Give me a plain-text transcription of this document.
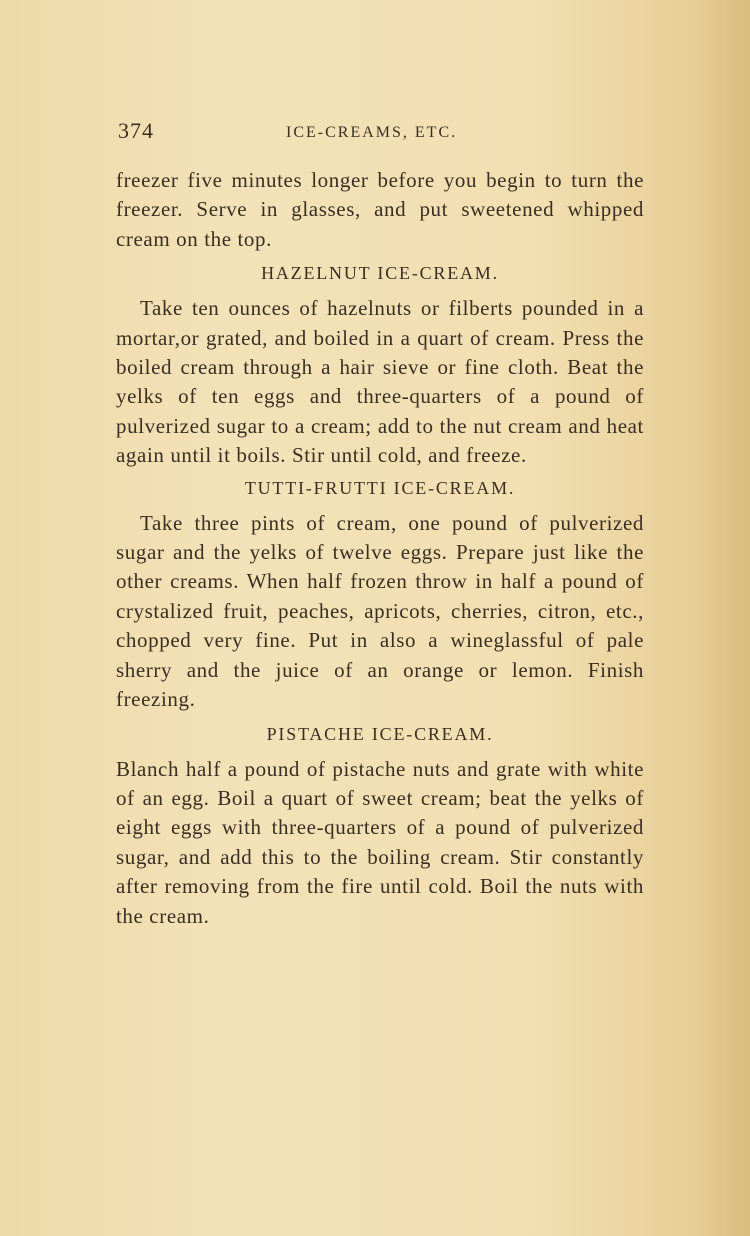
374	ICE-CREAMS, ETC.

freezer five minutes longer before you begin to turn the freezer. Serve in glasses, and put sweetened whipped cream on the top.

HAZELNUT ICE-CREAM.

Take ten ounces of hazelnuts or filberts pounded in a mortar,or grated, and boiled in a quart of cream. Press the boiled cream through a hair sieve or fine cloth. Beat the yelks of ten eggs and three-quarters of a pound of pulverized sugar to a cream; add to the nut cream and heat again until it boils. Stir until cold, and freeze.

TUTTI-FRUTTI ICE-CREAM.

Take three pints of cream, one pound of pulverized sugar and the yelks of twelve eggs. Prepare just like the other creams. When half frozen throw in half a pound of crystalized fruit, peaches, apricots, cherries, citron, etc., chopped very fine. Put in also a wineglassful of pale sherry and the juice of an orange or lemon. Finish freezing.

PISTACHE ICE-CREAM.

Blanch half a pound of pistache nuts and grate with white of an egg. Boil a quart of sweet cream; beat the yelks of eight eggs with three-quarters of a pound of pulverized sugar, and add this to the boiling cream. Stir constantly after removing from the fire until cold. Boil the nuts with the cream.
